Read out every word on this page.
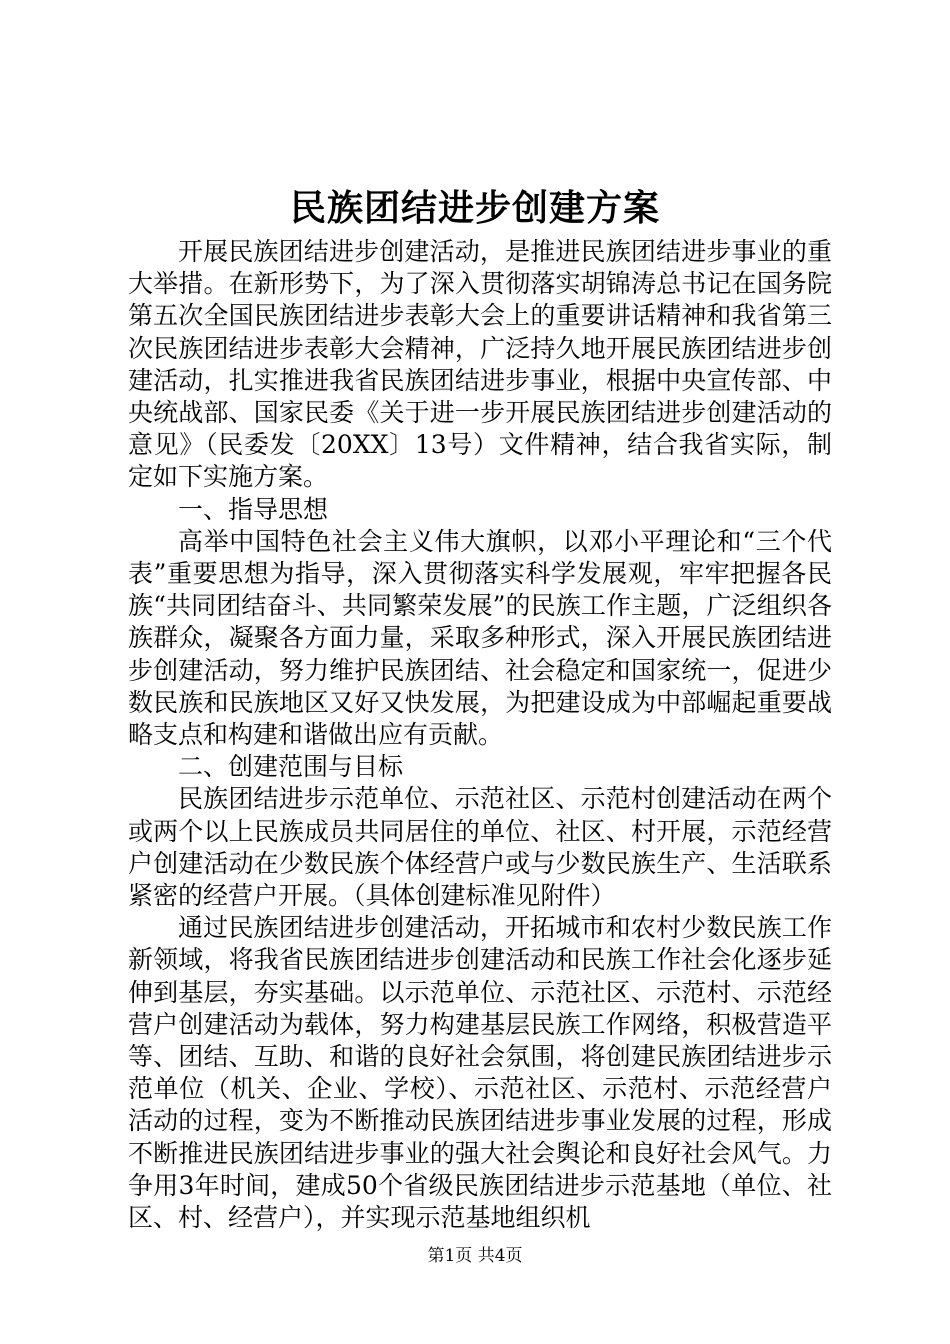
民族团结进步创建方案

开展民族团结进步创建活动，是推进民族团结进步事业的重大举措。在新形势下，为了深入贯彻落实胡锦涛总书记在国务院第五次全国民族团结进步表彰大会上的重要讲话精神和我省第三次民族团结进步表彰大会精神，广泛持久地开展民族团结进步创建活动，扎实推进我省民族团结进步事业，根据中央宣传部、中央统战部、国家民委《关于进一步开展民族团结进步创建活动的意见》（民委发〔20XX〕13号）文件精神，结合我省实际，制定如下实施方案。

一、指导思想

高举中国特色社会主义伟大旗帜，以邓小平理论和“三个代表”重要思想为指导，深入贯彻落实科学发展观，牢牢把握各民族“共同团结奋斗、共同繁荣发展”的民族工作主题，广泛组织各族群众，凝聚各方面力量，采取多种形式，深入开展民族团结进步创建活动，努力维护民族团结、社会稳定和国家统一，促进少数民族和民族地区又好又快发展，为把建设成为中部崛起重要战略支点和构建和谐做出应有贡献。

二、创建范围与目标

民族团结进步示范单位、示范社区、示范村创建活动在两个或两个以上民族成员共同居住的单位、社区、村开展，示范经营户创建活动在少数民族个体经营户或与少数民族生产、生活联系紧密的经营户开展。（具体创建标准见附件）

通过民族团结进步创建活动，开拓城市和农村少数民族工作新领域，将我省民族团结进步创建活动和民族工作社会化逐步延伸到基层，夯实基础。以示范单位、示范社区、示范村、示范经营户创建活动为载体，努力构建基层民族工作网络，积极营造平等、团结、互助、和谐的良好社会氛围，将创建民族团结进步示范单位（机关、企业、学校）、示范社区、示范村、示范经营户活动的过程，变为不断推动民族团结进步事业发展的过程，形成不断推进民族团结进步事业的强大社会舆论和良好社会风气。力争用3年时间，建成50个省级民族团结进步示范基地（单位、社区、村、经营户），并实现示范基地组织机

第1页 共4页
